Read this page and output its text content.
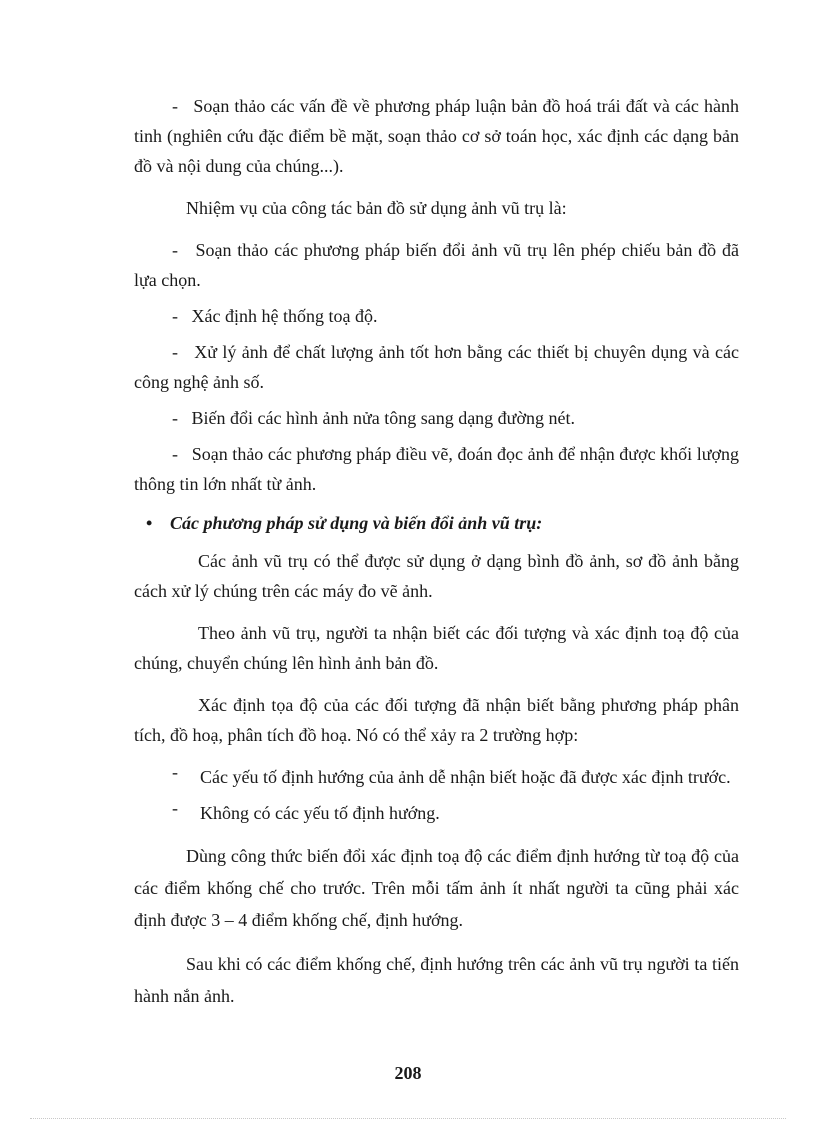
- Soạn thảo các vấn đề về phương pháp luận bản đồ hoá trái đất và các hành tinh (nghiên cứu đặc điểm bề mặt, soạn thảo cơ sở toán học, xác định các dạng bản đồ và nội dung của chúng...).

Nhiệm vụ của công tác bản đồ sử dụng ảnh vũ trụ là:

- Soạn thảo các phương pháp biến đổi ảnh vũ trụ lên phép chiếu bản đồ đã lựa chọn.

- Xác định hệ thống toạ độ.

- Xử lý ảnh để chất lượng ảnh tốt hơn bằng các thiết bị chuyên dụng và các công nghệ ảnh số.

- Biến đổi các hình ảnh nửa tông sang dạng đường nét.

- Soạn thảo các phương pháp điều vẽ, đoán đọc ảnh để nhận được khối lượng thông tin lớn nhất từ ảnh.

• Các phương pháp sử dụng và biến đổi ảnh vũ trụ:

Các ảnh vũ trụ có thể được sử dụng ở dạng bình đồ ảnh, sơ đồ ảnh bằng cách xử lý chúng trên các máy đo vẽ ảnh.

Theo ảnh vũ trụ, người ta nhận biết các đối tượng và xác định toạ độ của chúng, chuyển chúng lên hình ảnh bản đồ.

Xác định tọa độ của các đối tượng đã nhận biết bằng phương pháp phân tích, đồ hoạ, phân tích đồ hoạ. Nó có thể xảy ra 2 trường hợp:

-	Các yếu tố định hướng của ảnh dễ nhận biết hoặc đã được xác định trước.

-	Không có các yếu tố định hướng.

Dùng công thức biến đổi xác định toạ độ các điểm định hướng từ toạ độ của các điểm khống chế cho trước. Trên mỗi tấm ảnh ít nhất người ta cũng phải xác định được 3 – 4 điểm khống chế, định hướng.

Sau khi có các điểm khống chế, định hướng trên các ảnh vũ trụ người ta tiến hành nắn ảnh.

208
